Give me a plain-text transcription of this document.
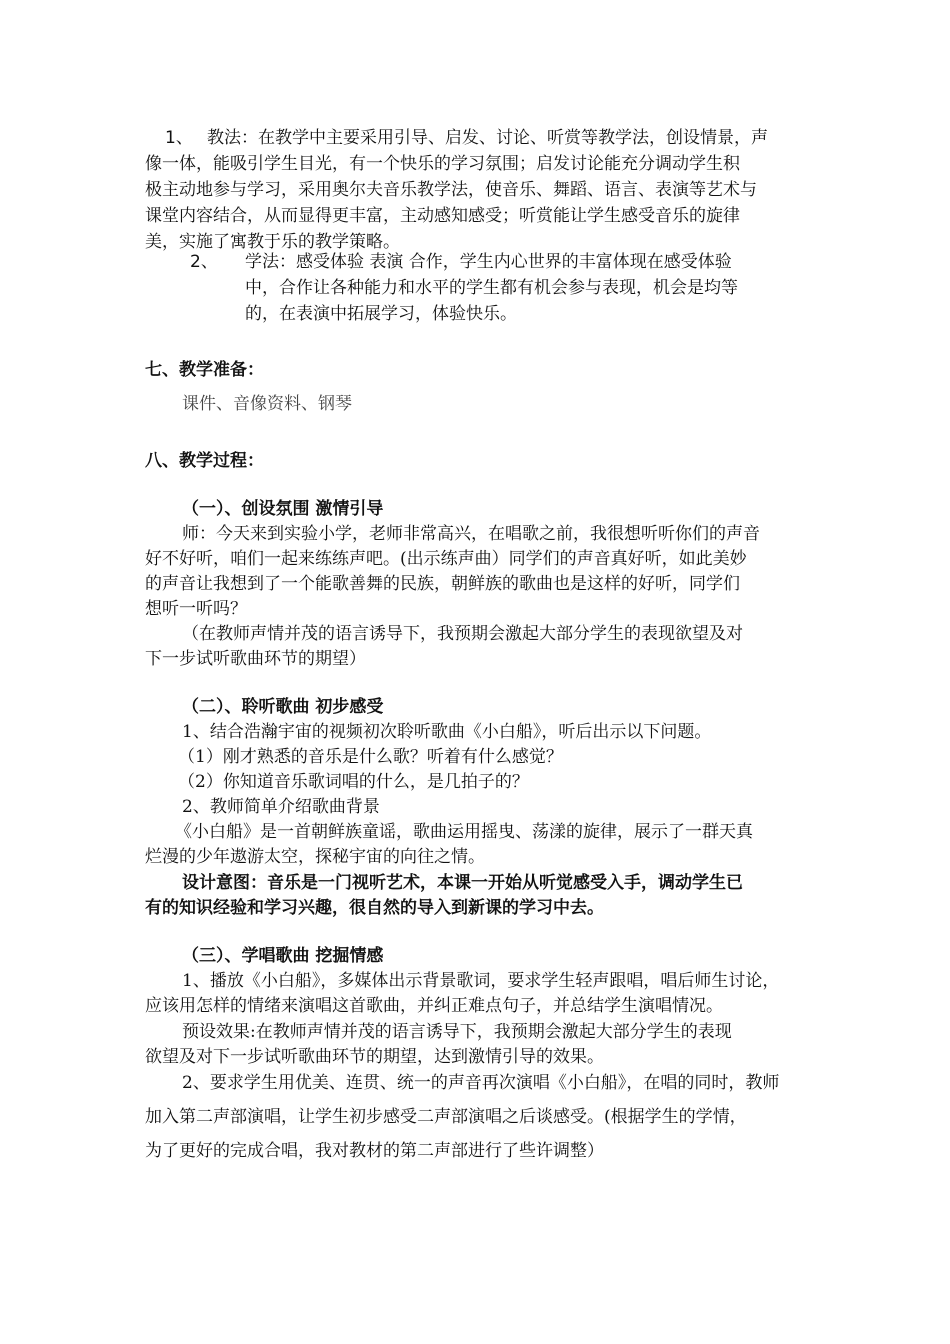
1、 教法：在教学中主要采用引导、启发、讨论、听赏等教学法，创设情景，声
像一体，能吸引学生目光，有一个快乐的学习氛围；启发讨论能充分调动学生积
极主动地参与学习，采用奥尔夫音乐教学法，使音乐、舞蹈、语言、表演等艺术与
课堂内容结合，从而显得更丰富，主动感知感受；听赏能让学生感受音乐的旋律
美，实施了寓教于乐的教学策略。
2、 学法：感受体验 表演 合作，学生内心世界的丰富体现在感受体验
中，合作让各种能力和水平的学生都有机会参与表现，机会是均等
的，在表演中拓展学习，体验快乐。
七、教学准备：
课件、音像资料、钢琴
八、教学过程：
（一）、创设氛围 激情引导
师：今天来到实验小学，老师非常高兴，在唱歌之前，我很想听听你们的声音
好不好听，咱们一起来练练声吧。(出示练声曲）同学们的声音真好听，如此美妙
的声音让我想到了一个能歌善舞的民族，朝鲜族的歌曲也是这样的好听，同学们
想听一听吗？
（在教师声情并茂的语言诱导下，我预期会激起大部分学生的表现欲望及对
下一步试听歌曲环节的期望）
（二）、聆听歌曲 初步感受
1、结合浩瀚宇宙的视频初次聆听歌曲《小白船》，听后出示以下问题。
（1）刚才熟悉的音乐是什么歌？听着有什么感觉？
（2）你知道音乐歌词唱的什么，是几拍子的？
2、教师简单介绍歌曲背景
《小白船》是一首朝鲜族童谣，歌曲运用摇曳、荡漾的旋律，展示了一群天真
烂漫的少年遨游太空，探秘宇宙的向往之情。
设计意图：音乐是一门视听艺术，本课一开始从听觉感受入手，调动学生已
有的知识经验和学习兴趣，很自然的导入到新课的学习中去。
（三）、学唱歌曲 挖掘情感
1、播放《小白船》，多媒体出示背景歌词，要求学生轻声跟唱，唱后师生讨论，
应该用怎样的情绪来演唱这首歌曲，并纠正难点句子，并总结学生演唱情况。
预设效果:在教师声情并茂的语言诱导下，我预期会激起大部分学生的表现
欲望及对下一步试听歌曲环节的期望，达到激情引导的效果。
2、要求学生用优美、连贯、统一的声音再次演唱《小白船》，在唱的同时，教师
加入第二声部演唱，让学生初步感受二声部演唱之后谈感受。(根据学生的学情，
为了更好的完成合唱，我对教材的第二声部进行了些许调整）
